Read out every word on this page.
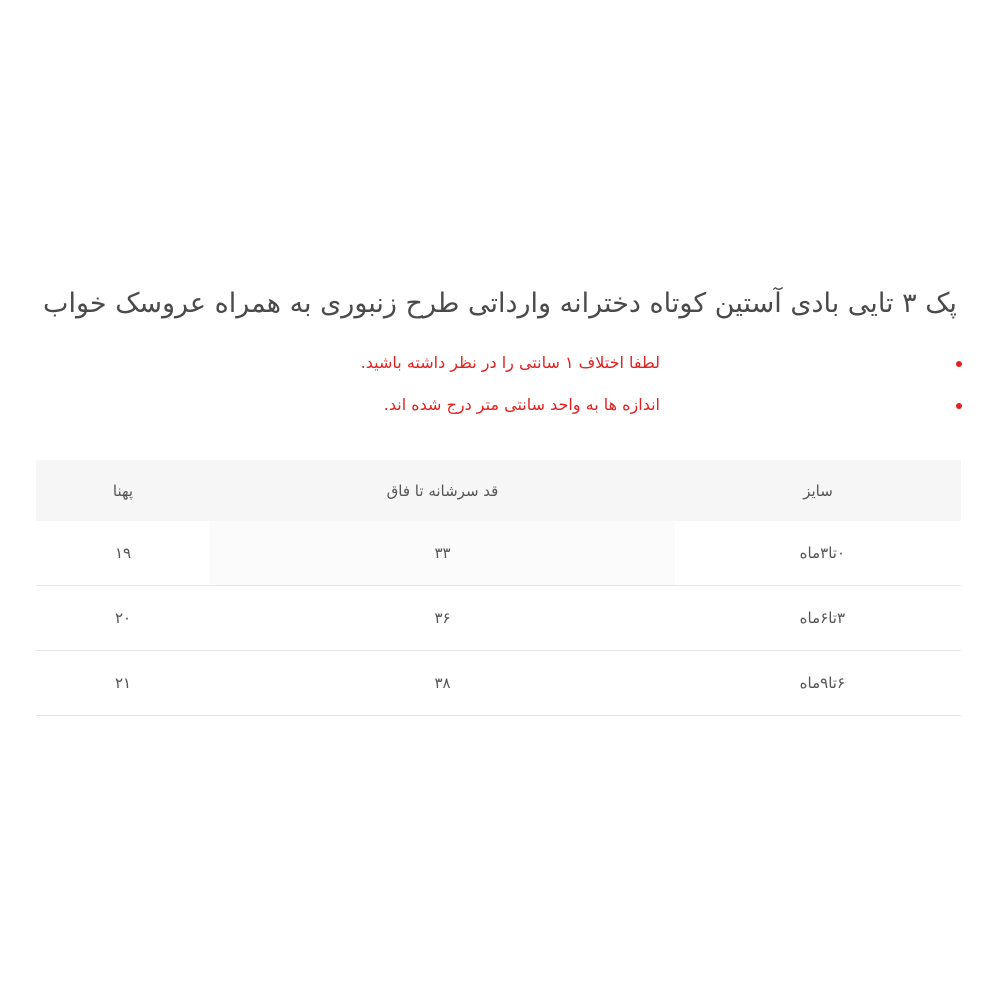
پک ۳ تایی بادی آستین کوتاه دخترانه وارداتی طرح زنبوری به همراه عروسک خواب
لطفا اختلاف ۱ سانتی را در نظر داشته باشید.
اندازه ها به واحد سانتی متر درج شده اند.
سایز	قد سرشانه تا فاق	پهنا
۰تا۳ماه	۳۳	۱۹
۳تا۶ماه	۳۶	۲۰
۶تا۹ماه	۳۸	۲۱
